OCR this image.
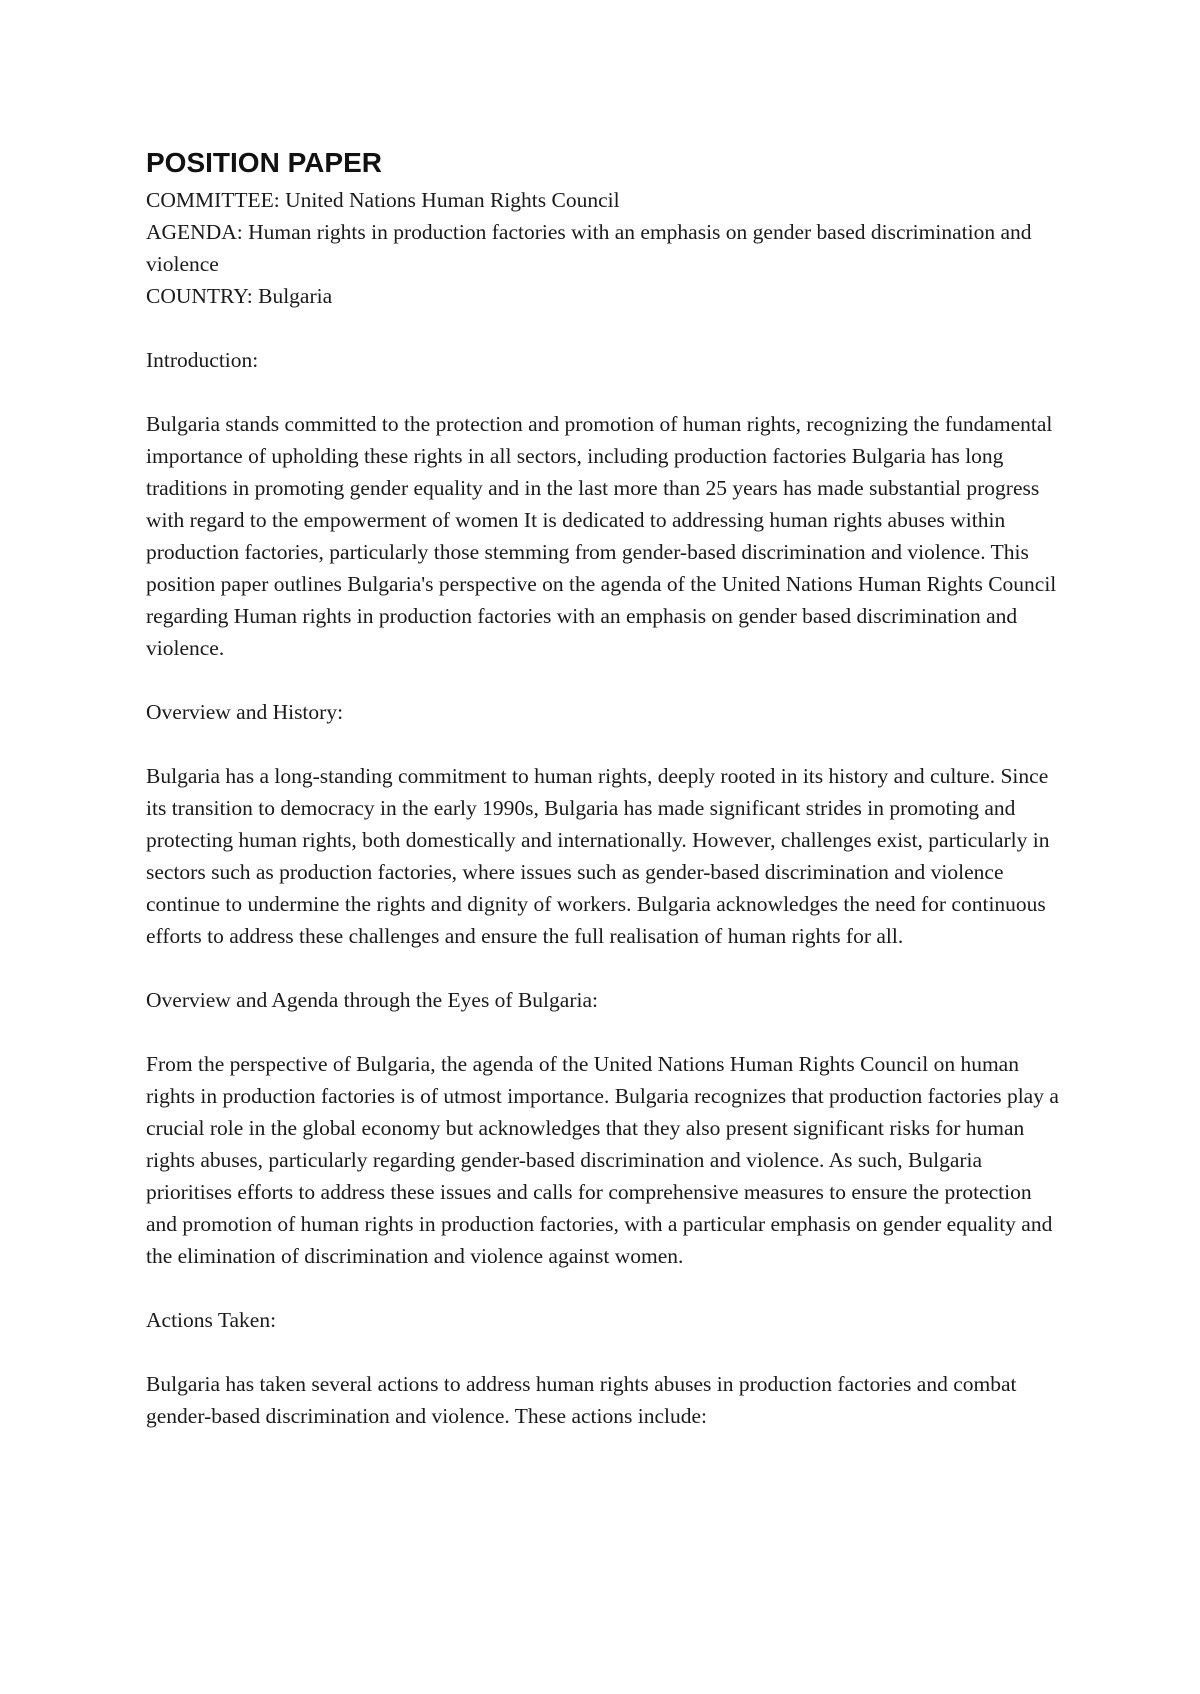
POSITION PAPER
COMMITTEE: United Nations Human Rights Council
AGENDA: Human rights in production factories with an emphasis on gender based discrimination and violence
COUNTRY: Bulgaria
Introduction:
Bulgaria stands committed to the protection and promotion of human rights, recognizing the fundamental importance of upholding these rights in all sectors, including production factories Bulgaria has long traditions in promoting gender equality and in the last more than 25 years has made substantial progress with regard to the empowerment of women It is dedicated to addressing human rights abuses within production factories, particularly those stemming from gender-based discrimination and violence. This position paper outlines Bulgaria's perspective on the agenda of the United Nations Human Rights Council regarding Human rights in production factories with an emphasis on gender based discrimination and violence.
Overview and History:
Bulgaria has a long-standing commitment to human rights, deeply rooted in its history and culture. Since its transition to democracy in the early 1990s, Bulgaria has made significant strides in promoting and protecting human rights, both domestically and internationally. However, challenges exist, particularly in sectors such as production factories, where issues such as gender-based discrimination and violence continue to undermine the rights and dignity of workers. Bulgaria acknowledges the need for continuous efforts to address these challenges and ensure the full realisation of human rights for all.
Overview and Agenda through the Eyes of Bulgaria:
From the perspective of Bulgaria, the agenda of the United Nations Human Rights Council on human rights in production factories is of utmost importance. Bulgaria recognizes that production factories play a crucial role in the global economy but acknowledges that they also present significant risks for human rights abuses, particularly regarding gender-based discrimination and violence. As such, Bulgaria prioritises efforts to address these issues and calls for comprehensive measures to ensure the protection and promotion of human rights in production factories, with a particular emphasis on gender equality and the elimination of discrimination and violence against women.
Actions Taken:
Bulgaria has taken several actions to address human rights abuses in production factories and combat gender-based discrimination and violence. These actions include:
